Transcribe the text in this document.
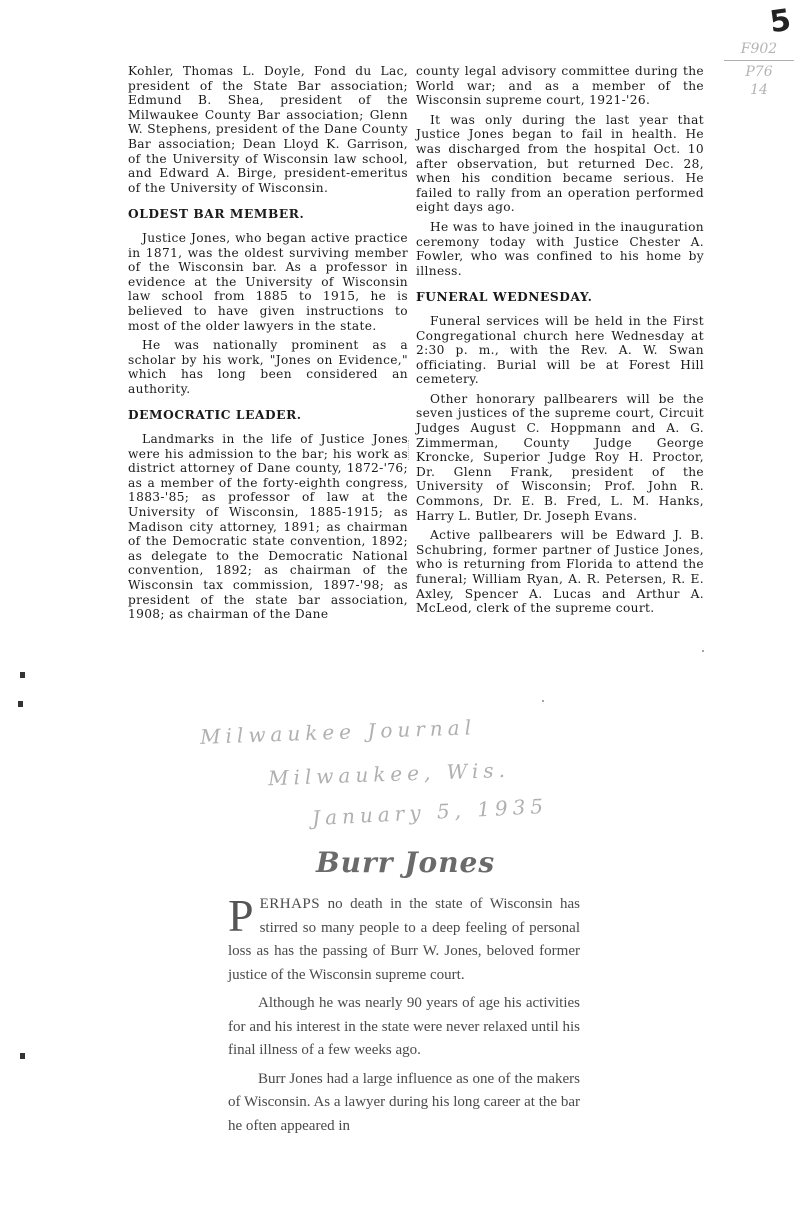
5
F902
P76
14

Kohler, Thomas L. Doyle, Fond du Lac, president of the State Bar association; Edmund B. Shea, president of the Milwaukee County Bar association; Glenn W. Stephens, president of the Dane County Bar association; Dean Lloyd K. Garrison, of the University of Wisconsin law school, and Edward A. Birge, president-emeritus of the University of Wisconsin.

OLDEST BAR MEMBER.

Justice Jones, who began active practice in 1871, was the oldest surviving member of the Wisconsin bar. As a professor in evidence at the University of Wisconsin law school from 1885 to 1915, he is believed to have given instructions to most of the older lawyers in the state.

He was nationally prominent as a scholar by his work, "Jones on Evidence," which has long been considered an authority.

DEMOCRATIC LEADER.

Landmarks in the life of Justice Jones were his admission to the bar; his work as district attorney of Dane county, 1872-'76; as a member of the forty-eighth congress, 1883-'85; as professor of law at the University of Wisconsin, 1885-1915; as Madison city attorney, 1891; as chairman of the Democratic state convention, 1892; as delegate to the Democratic National convention, 1892; as chairman of the Wisconsin tax commission, 1897-'98; as president of the state bar association, 1908; as chairman of the Dane

county legal advisory committee during the World war; and as a member of the Wisconsin supreme court, 1921-'26.

It was only during the last year that Justice Jones began to fail in health. He was discharged from the hospital Oct. 10 after observation, but returned Dec. 28, when his condition became serious. He failed to rally from an operation performed eight days ago.

He was to have joined in the inauguration ceremony today with Justice Chester A. Fowler, who was confined to his home by illness.

FUNERAL WEDNESDAY.

Funeral services will be held in the First Congregational church here Wednesday at 2:30 p. m., with the Rev. A. W. Swan officiating. Burial will be at Forest Hill cemetery.

Other honorary pallbearers will be the seven justices of the supreme court, Circuit Judges August C. Hoppmann and A. G. Zimmerman, County Judge George Kroncke, Superior Judge Roy H. Proctor, Dr. Glenn Frank, president of the University of Wisconsin; Prof. John R. Commons, Dr. E. B. Fred, L. M. Hanks, Harry L. Butler, Dr. Joseph Evans.

Active pallbearers will be Edward J. B. Schubring, former partner of Justice Jones, who is returning from Florida to attend the funeral; William Ryan, A. R. Petersen, R. E. Axley, Spencer A. Lucas and Arthur A. McLeod, clerk of the supreme court.

Milwaukee Journal
Milwaukee, Wis.
January 5, 1935
Burr Jones

PERHAPS no death in the state of Wisconsin has stirred so many people to a deep feeling of personal loss as has the passing of Burr W. Jones, beloved former justice of the Wisconsin supreme court.

Although he was nearly 90 years of age his activities for and his interest in the state were never relaxed until his final illness of a few weeks ago.

Burr Jones had a large influence as one of the makers of Wisconsin. As a lawyer during his long career at the bar he often appeared in
